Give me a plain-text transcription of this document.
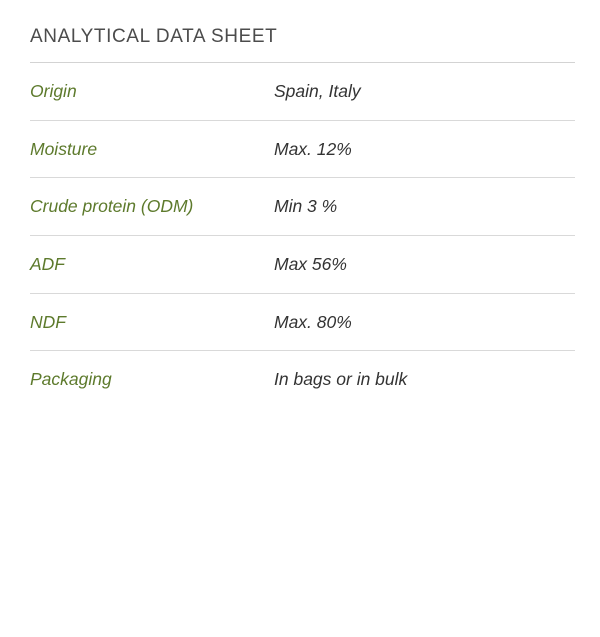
ANALYTICAL DATA SHEET
Origin	Spain, Italy
Moisture	Max. 12%
Crude protein (ODM)	Min 3 %
ADF	Max 56%
NDF	Max. 80%
Packaging	In bags or in bulk
